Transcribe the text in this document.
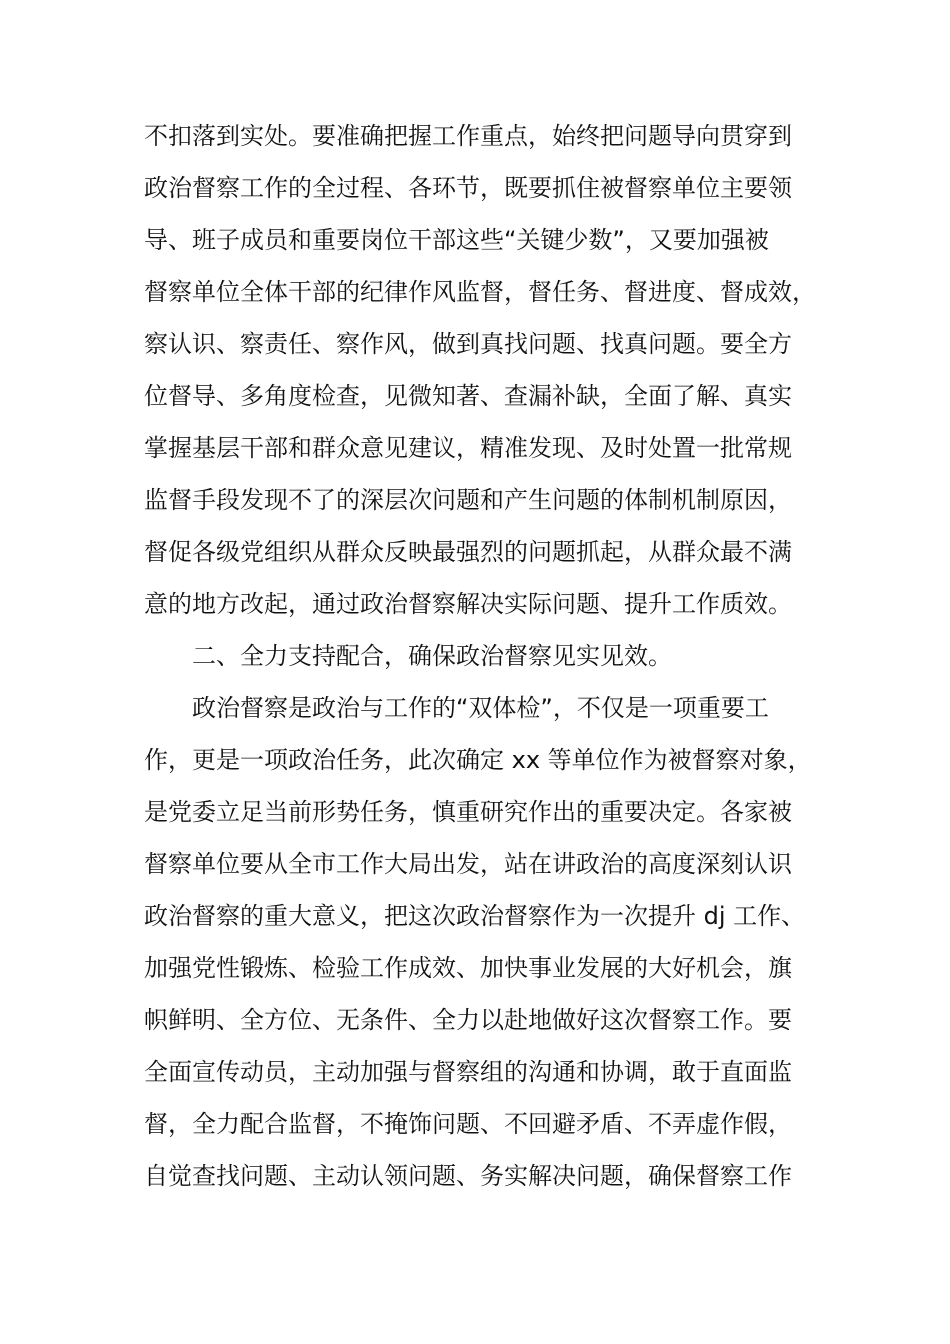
不扣落到实处。要准确把握工作重点，始终把问题导向贯穿到
政治督察工作的全过程、各环节，既要抓住被督察单位主要领
导、班子成员和重要岗位干部这些“关键少数”，又要加强被
督察单位全体干部的纪律作风监督，督任务、督进度、督成效，
察认识、察责任、察作风，做到真找问题、找真问题。要全方
位督导、多角度检查，见微知著、查漏补缺，全面了解、真实
掌握基层干部和群众意见建议，精准发现、及时处置一批常规
监督手段发现不了的深层次问题和产生问题的体制机制原因，
督促各级党组织从群众反映最强烈的问题抓起，从群众最不满
意的地方改起，通过政治督察解决实际问题、提升工作质效。
二、全力支持配合，确保政治督察见实见效。
政治督察是政治与工作的“双体检”，不仅是一项重要工
作，更是一项政治任务，此次确定 xx 等单位作为被督察对象，
是党委立足当前形势任务，慎重研究作出的重要决定。各家被
督察单位要从全市工作大局出发，站在讲政治的高度深刻认识
政治督察的重大意义，把这次政治督察作为一次提升 dj 工作、
加强党性锻炼、检验工作成效、加快事业发展的大好机会，旗
帜鲜明、全方位、无条件、全力以赴地做好这次督察工作。要
全面宣传动员，主动加强与督察组的沟通和协调，敢于直面监
督，全力配合监督，不掩饰问题、不回避矛盾、不弄虚作假，
自觉查找问题、主动认领问题、务实解决问题，确保督察工作
